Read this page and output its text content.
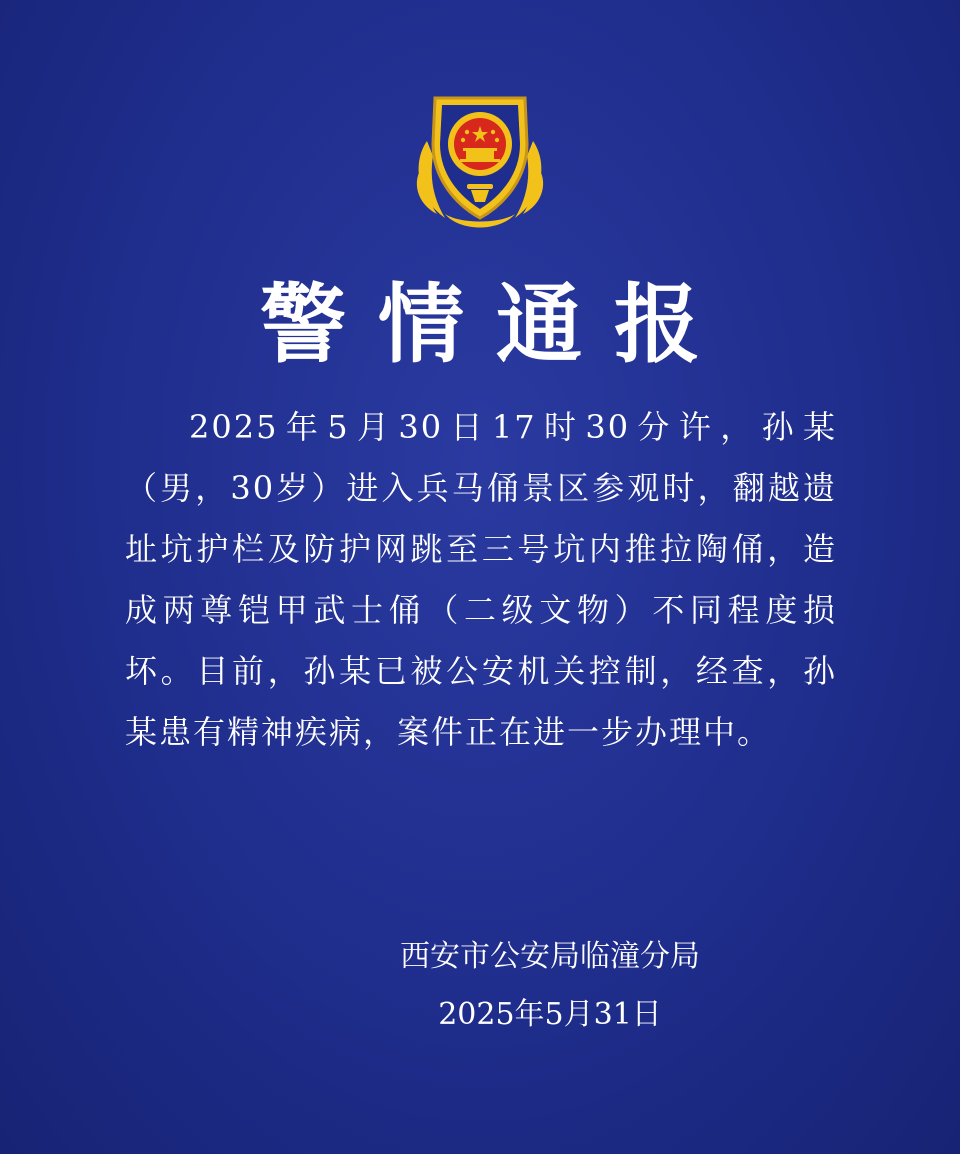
警情通报

2025年5月30日17时30分许，孙某（男，30岁）进入兵马俑景区参观时，翻越遗址坑护栏及防护网跳至三号坑内推拉陶俑，造成两尊铠甲武士俑（二级文物）不同程度损坏。目前，孙某已被公安机关控制，经查，孙某患有精神疾病，案件正在进一步办理中。

西安市公安局临潼分局
2025年5月31日
